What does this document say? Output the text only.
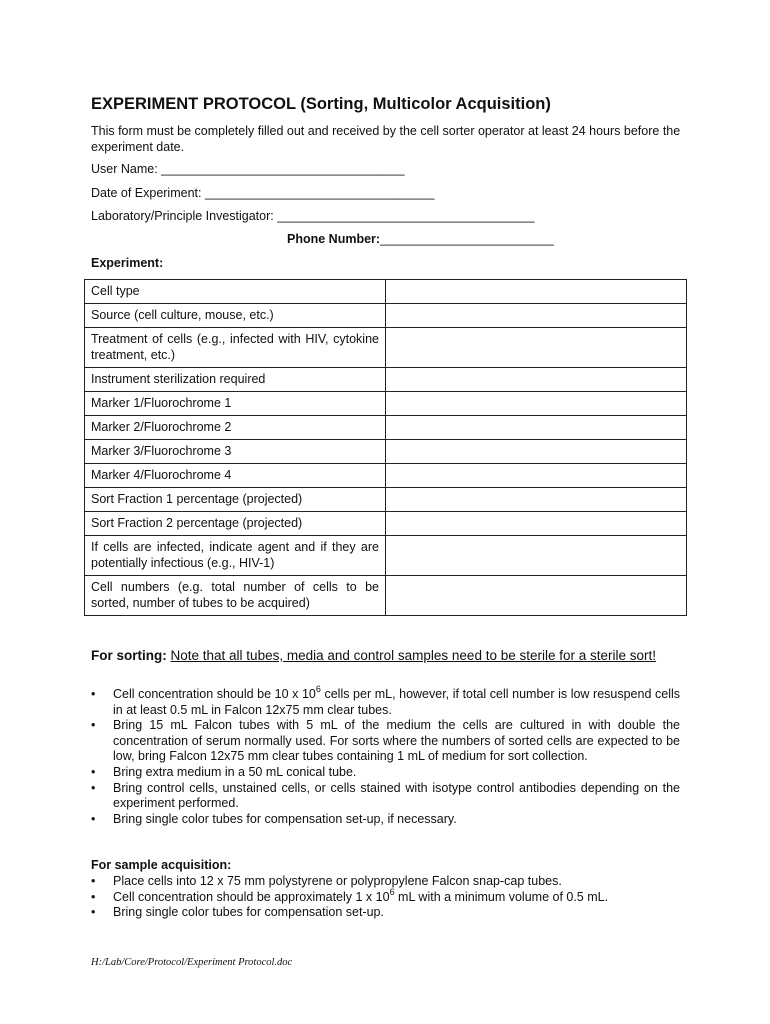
EXPERIMENT PROTOCOL (Sorting, Multicolor Acquisition)
This form must be completely filled out and received by the cell sorter operator at least 24 hours before the experiment date.
User Name: ___________________________________
Date of Experiment: _________________________________
Laboratory/Principle Investigator: _____________________________________
Phone Number:_________________________
Experiment:
Cell type	
Source (cell culture, mouse, etc.)	
Treatment of cells (e.g., infected with HIV, cytokine treatment, etc.)	
Instrument sterilization required	
Marker 1/Fluorochrome 1	
Marker 2/Fluorochrome 2	
Marker 3/Fluorochrome 3	
Marker 4/Fluorochrome 4	
Sort Fraction 1 percentage (projected)	
Sort Fraction 2 percentage (projected)	
If cells are infected, indicate agent and if they are potentially infectious (e.g., HIV-1)	
Cell numbers (e.g. total number of cells to be sorted, number of tubes to be acquired)	
For sorting: Note that all tubes, media and control samples need to be sterile for a sterile sort!
• Cell concentration should be 10 x $10^6$ cells per mL, however, if total cell number is low resuspend cells in at least 0.5 mL in Falcon 12x75 mm clear tubes.
• Bring 15 mL Falcon tubes with 5 mL of the medium the cells are cultured in with double the concentration of serum normally used. For sorts where the numbers of sorted cells are expected to be low, bring Falcon 12x75 mm clear tubes containing 1 mL of medium for sort collection.
• Bring extra medium in a 50 mL conical tube.
• Bring control cells, unstained cells, or cells stained with isotype control antibodies depending on the experiment performed.
• Bring single color tubes for compensation set-up, if necessary.
For sample acquisition:
• Place cells into 12 x 75 mm polystyrene or polypropylene Falcon snap-cap tubes.
• Cell concentration should be approximately 1 x $10^6$ mL with a minimum volume of 0.5 mL.
• Bring single color tubes for compensation set-up.
H:/Lab/Core/Protocol/Experiment Protocol.doc
